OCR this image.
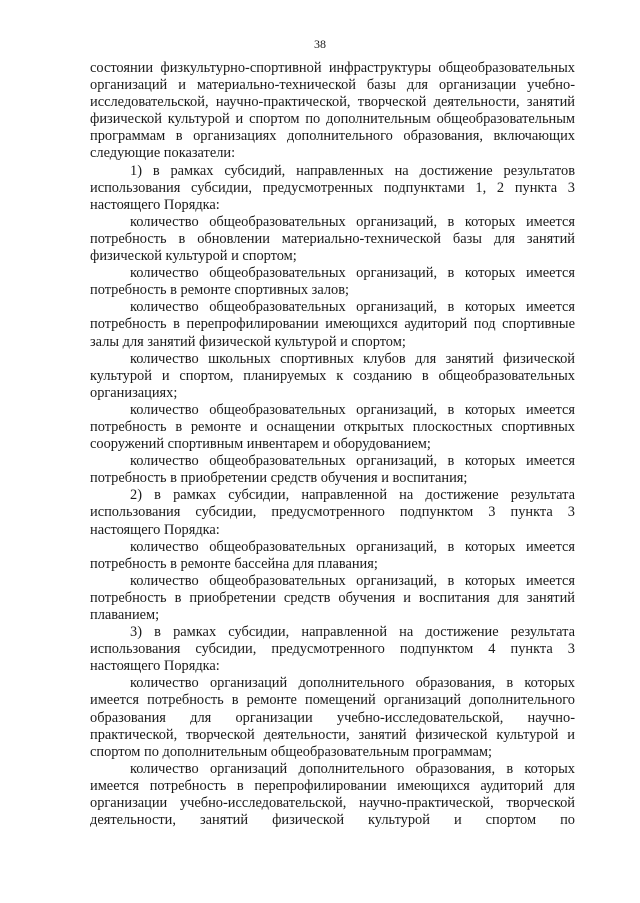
38

состоянии физкультурно-спортивной инфраструктуры общеобразовательных организаций и материально-технической базы для организации учебно-исследовательской, научно-практической, творческой деятельности, занятий физической культурой и спортом по дополнительным общеобразовательным программам в организациях дополнительного образования, включающих следующие показатели:

1) в рамках субсидий, направленных на достижение результатов использования субсидии, предусмотренных подпунктами 1, 2 пункта 3 настоящего Порядка:

количество общеобразовательных организаций, в которых имеется потребность в обновлении материально-технической базы для занятий физической культурой и спортом;

количество общеобразовательных организаций, в которых имеется потребность в ремонте спортивных залов;

количество общеобразовательных организаций, в которых имеется потребность в перепрофилировании имеющихся аудиторий под спортивные залы для занятий физической культурой и спортом;

количество школьных спортивных клубов для занятий физической культурой и спортом, планируемых к созданию в общеобразовательных организациях;

количество общеобразовательных организаций, в которых имеется потребность в ремонте и оснащении открытых плоскостных спортивных сооружений спортивным инвентарем и оборудованием;

количество общеобразовательных организаций, в которых имеется потребность в приобретении средств обучения и воспитания;

2) в рамках субсидии, направленной на достижение результата использования субсидии, предусмотренного подпунктом 3 пункта 3 настоящего Порядка:

количество общеобразовательных организаций, в которых имеется потребность в ремонте бассейна для плавания;

количество общеобразовательных организаций, в которых имеется потребность в приобретении средств обучения и воспитания для занятий плаванием;

3) в рамках субсидии, направленной на достижение результата использования субсидии, предусмотренного подпунктом 4 пункта 3 настоящего Порядка:

количество организаций дополнительного образования, в которых имеется потребность в ремонте помещений организаций дополнительного образования для организации учебно-исследовательской, научно-практической, творческой деятельности, занятий физической культурой и спортом по дополнительным общеобразовательным программам;

количество организаций дополнительного образования, в которых имеется потребность в перепрофилировании имеющихся аудиторий для организации учебно-исследовательской, научно-практической, творческой деятельности, занятий физической культурой и спортом по
